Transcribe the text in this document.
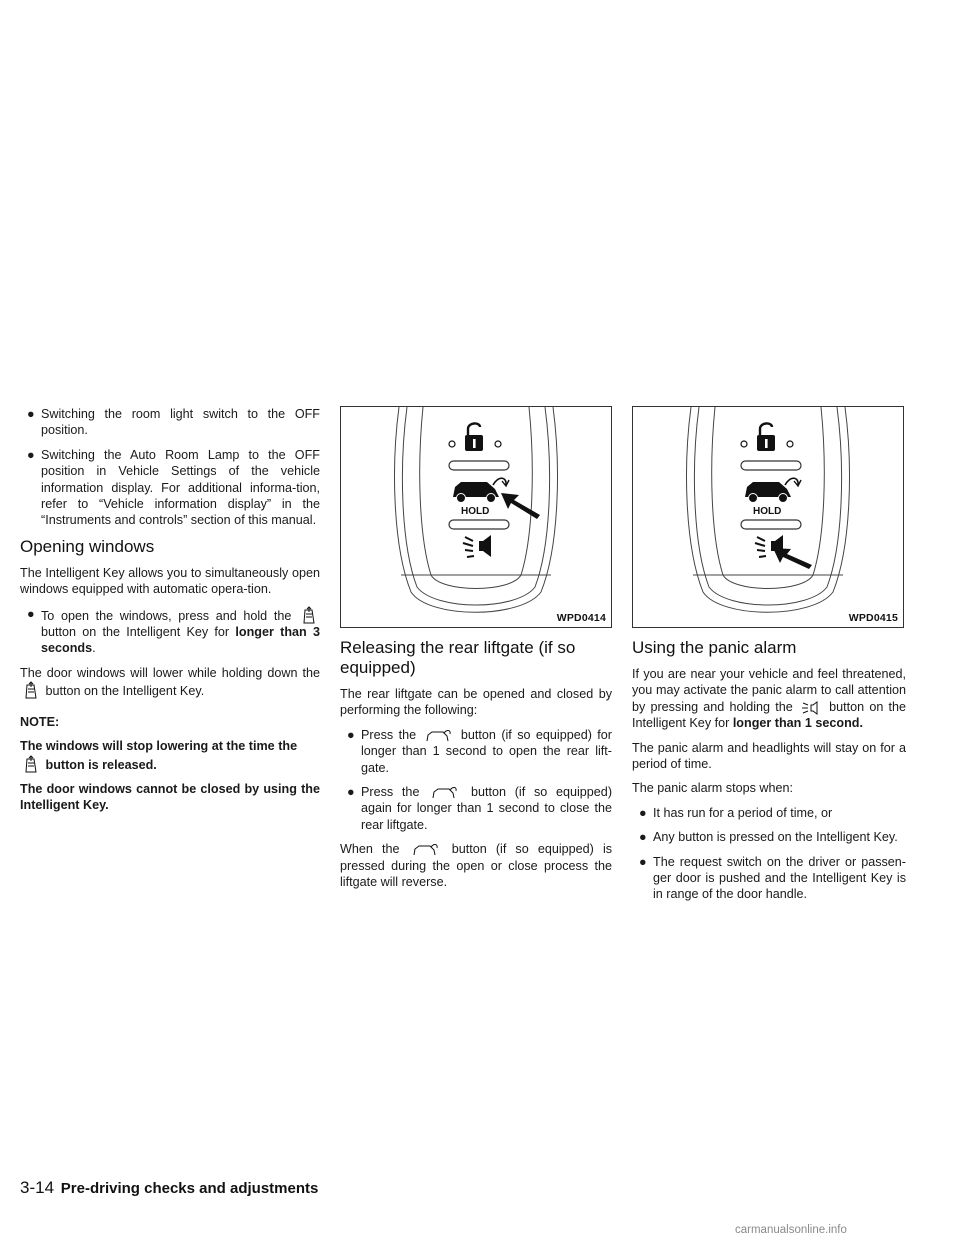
● Switching the room light switch to the OFF position.
● Switching the Auto Room Lamp to the OFF position in Vehicle Settings of the vehicle information display. For additional informa-tion, refer to “Vehicle information display” in the “Instruments and controls” section of this manual.
Opening windows

The Intelligent Key allows you to simultaneously open windows equipped with automatic opera-tion.

● To open the windows, press and hold the  button on the Intelligent Key for longer than 3 seconds.

The door windows will lower while holding down the  button on the Intelligent Key.

NOTE:

The windows will stop lowering at the time the  button is released.

The door windows cannot be closed by using the Intelligent Key.

HOLD
WPD0414
Releasing the rear liftgate (if so equipped)

The rear liftgate can be opened and closed by performing the following:

● Press the	button (if so equipped) for longer than 1 second to open the rear lift-gate.
● Press the	button (if so equipped) again for longer than 1 second to close the rear liftgate.

When the	button (if so equipped) is pressed during the open or close process the liftgate will reverse.

HOLD
WPD0415
Using the panic alarm

If you are near your vehicle and feel threatened, you may activate the panic alarm to call attention by pressing and holding the	button on the Intelligent Key for longer than 1 second.

The panic alarm and headlights will stay on for a period of time.

The panic alarm stops when:

● It has run for a period of time, or
● Any button is pressed on the Intelligent Key.
● The request switch on the driver or passen-ger door is pushed and the Intelligent Key is in range of the door handle.
3-14 Pre-driving checks and adjustments
carmanualsonline.info
